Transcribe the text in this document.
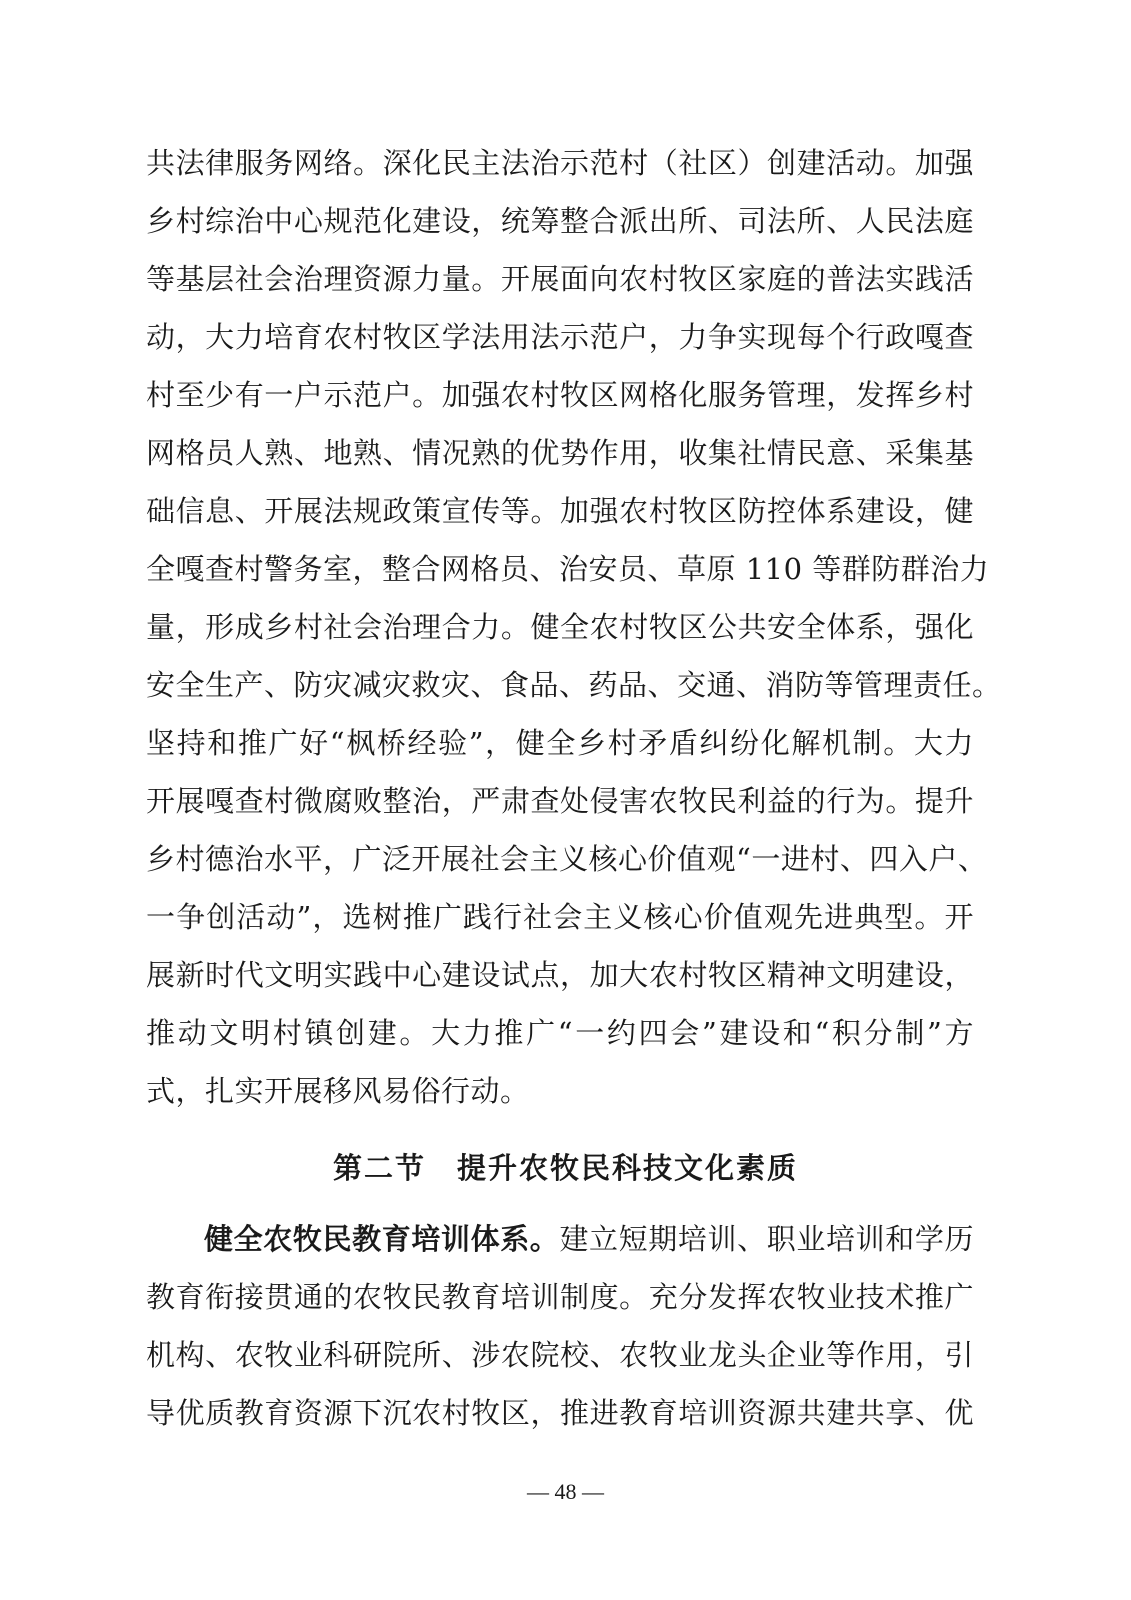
共法律服务网络。深化民主法治示范村（社区）创建活动。加强
乡村综治中心规范化建设，统筹整合派出所、司法所、人民法庭
等基层社会治理资源力量。开展面向农村牧区家庭的普法实践活
动，大力培育农村牧区学法用法示范户，力争实现每个行政嘎查
村至少有一户示范户。加强农村牧区网格化服务管理，发挥乡村
网格员人熟、地熟、情况熟的优势作用，收集社情民意、采集基
础信息、开展法规政策宣传等。加强农村牧区防控体系建设，健
全嘎查村警务室，整合网格员、治安员、草原 110 等群防群治力
量，形成乡村社会治理合力。健全农村牧区公共安全体系，强化
安全生产、防灾减灾救灾、食品、药品、交通、消防等管理责任。
坚持和推广好“枫桥经验”，健全乡村矛盾纠纷化解机制。大力
开展嘎查村微腐败整治，严肃查处侵害农牧民利益的行为。提升
乡村德治水平，广泛开展社会主义核心价值观“一进村、四入户、
一争创活动”，选树推广践行社会主义核心价值观先进典型。开
展新时代文明实践中心建设试点，加大农村牧区精神文明建设，
推动文明村镇创建。大力推广“一约四会”建设和“积分制”方
式，扎实开展移风易俗行动。
第二节　提升农牧民科技文化素质
健全农牧民教育培训体系。建立短期培训、职业培训和学历
教育衔接贯通的农牧民教育培训制度。充分发挥农牧业技术推广
机构、农牧业科研院所、涉农院校、农牧业龙头企业等作用，引
导优质教育资源下沉农村牧区，推进教育培训资源共建共享、优
— 48 —
